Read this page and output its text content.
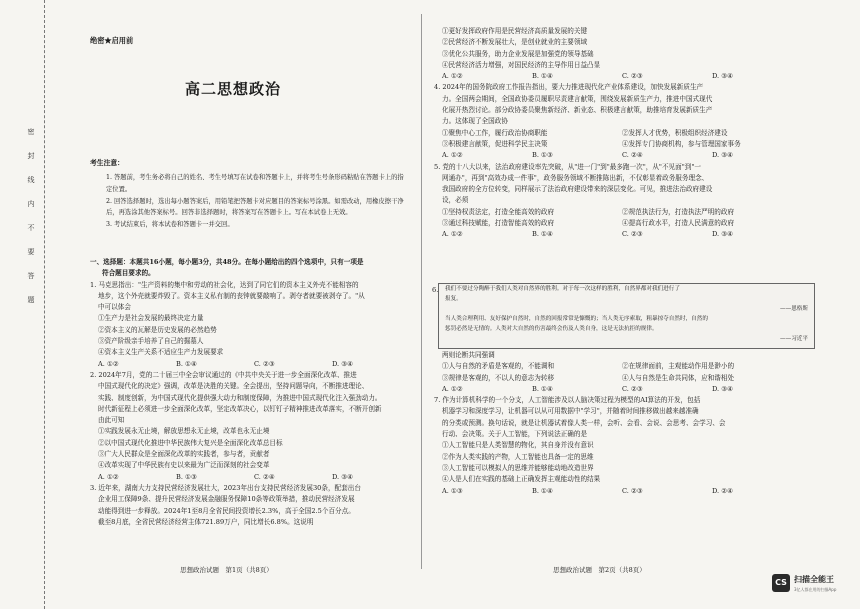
密
封
线
内
不
要
答
题
绝密★启用前
高二思想政治
考生注意：

1. 答题前，考生务必将自己的姓名、考生号填写在试卷和答题卡上，并将考生号条形码粘贴在答题卡上的指定位置。

2. 回答选择题时，选出每小题答案后，用铅笔把答题卡对应题目的答案标号涂黑。如需改动，用橡皮擦干净后，再选涂其他答案标号。回答非选择题时，将答案写在答题卡上。写在本试卷上无效。

3. 考试结束后，将本试卷和答题卡一并交回。

一、选择题：本题共16小题，每小题3分，共48分。在每小题给出的四个选项中，只有一项是

符合题目要求的。

1. 马克思指出："生产资料的集中和劳动的社会化，达到了同它们的资本主义外壳不能相容的

地步，这个外壳就要炸毁了。资本主义私有制的丧钟就要敲响了。剥夺者就要被剥夺了。"从

中可以体会

①生产力是社会发展的最终决定力量

②资本主义的瓦解是历史发展的必然趋势

③资产阶级亲手培养了自己的掘墓人

④资本主义生产关系不适应生产力发展要求

A. ①②	B. ①④	C. ②③	D. ③④

2. 2024年7月，党的二十届三中全会审议通过的《中共中央关于进一步全面深化改革、推进

中国式现代化的决定》强调，改革是决胜的关键。全会提出，坚持问题导向，不断推进理论、

实践、制度创新，为中国式现代化提供强大动力和制度保障，为推进中国式现代化注入强劲动力。

时代新征程上必须进一步全面深化改革，坚定改革决心，以钉钉子精神推进改革落实，不断开创新

由此可知

①实践发展永无止境，解放思想永无止境，改革也永无止境

②以中国式现代化推进中华民族伟大复兴是全面深化改革总目标

③广大人民群众是全面深化改革的实践者，参与者，贡献者

④改革实现了中华民族有史以来最为广泛而深刻的社会变革

A. ①②	B. ①③	C. ②④	D. ③④

3. 近年来，湖南大力支持民营经济发展壮大，2023年出台支持民营经济发展30条，配套出台

企业用工保障9条、提升民营经济发展金融服务保障10条等政策举措，推动民营经济发展

动能得到进一步释放。2024年1至8月全省民间投资增长2.3%，高于全国2.5个百分点。

截至8月底，全省民营经济经营主体721.89万户，同比增长6.8%。这说明

思想政治试题　第1页（共8页）

①更好发挥政府作用是民营经济高质量发展的关键

②民营经济不断发展壮大，是创业就业的主要领域

③优化公共服务，助力企业发展是加强党的领导基础

④民营经济活力增强，对国民经济的主导作用日益凸显

A. ①②	B. ①④	C. ②③	D. ③④

4. 2024年的国务院政府工作报告指出，要大力推进现代化产业体系建设，加快发展新质生产

力。全国两会期间，全国政协委员履职尽责建言献策，围绕发展新质生产力，推进中国式现代

化展开热烈讨论。部分政协委员聚焦新经济、新业态、积极建言献策，助推培育发展新质生产

力。这体现了全国政协

①聚焦中心工作，履行政治协商职能	②发挥人才优势，积极组织经济建设
③积极建言献策，促进科学民主决策	④发挥专门协商机构，参与管理国家事务
A. ①②	B. ①③	C. ②④	D. ③④

5. 党的十八大以来，法治政府建设率先突破，从"进一门"到"最多跑一次"，从"不见面"到"一

网通办"，再到"高效办成一件事"，政务服务领域不断推陈出新，不仅彰显着政务服务理念、

我国政府的全方位转变，同样展示了法治政府建设带来的深层变化。可见，推进法治政府建设

设，必须

①坚持权责法定，打造全能高效的政府	②规范执法行为，打造执法严明的政府
③通过科技赋能，打造智能高效的政府	④提高行政水平，打造人民满意的政府
A. ①②	B. ①④	C. ②③	D. ③④
6.	我们不要过分陶醉于我们人类对自然界的胜利。对于每一次这样的胜利，自然界都对我们进行了

报复。

——恩格斯

当人类合理利用、友好保护自然时，自然的回报常常是慷慨的；当人类无序索取，粗暴掠夺自然时，自然的

惩罚必然是无情的。人类对大自然的伤害最终会伤及人类自身，这是无法抗拒的规律。

——习近平

两则论断共同强调

①人与自然的矛盾是客观的，不能调和	②在规律面前，主观能动作用是渺小的
③规律是客观的，不以人的意志为转移	④人与自然是生命共同体，应和谐相处
A. ①②	B. ①④	C. ②③	D. ③④

7. 作为计算机科学的一个分支，人工智能涉及以人脑决策过程为模型的AI算法的开发，包括

机器学习和深度学习，让机器可以从可用数据中"学习"，并随着时间推移做出越来越准确

的分类或预测。换句话说，就是让机器试着像人类一样，会听、会看、会说、会思考、会学习、会

行动、会决策。关于人工智能，下列说法正确的是

①人工智能只是人类智慧的物化，其自身并没有意识

②作为人类实践的产物，人工智能也具备一定的思维

③人工智能可以模拟人的思维并能够能动地改造世界

④人是人们在实践的基础上正确发挥主观能动性的结果

A. ①③	B. ①④	C. ②③	D. ②④
思想政治试题　第2页（共8页）
CS 扫描全能王
3亿人都在用的扫描App
